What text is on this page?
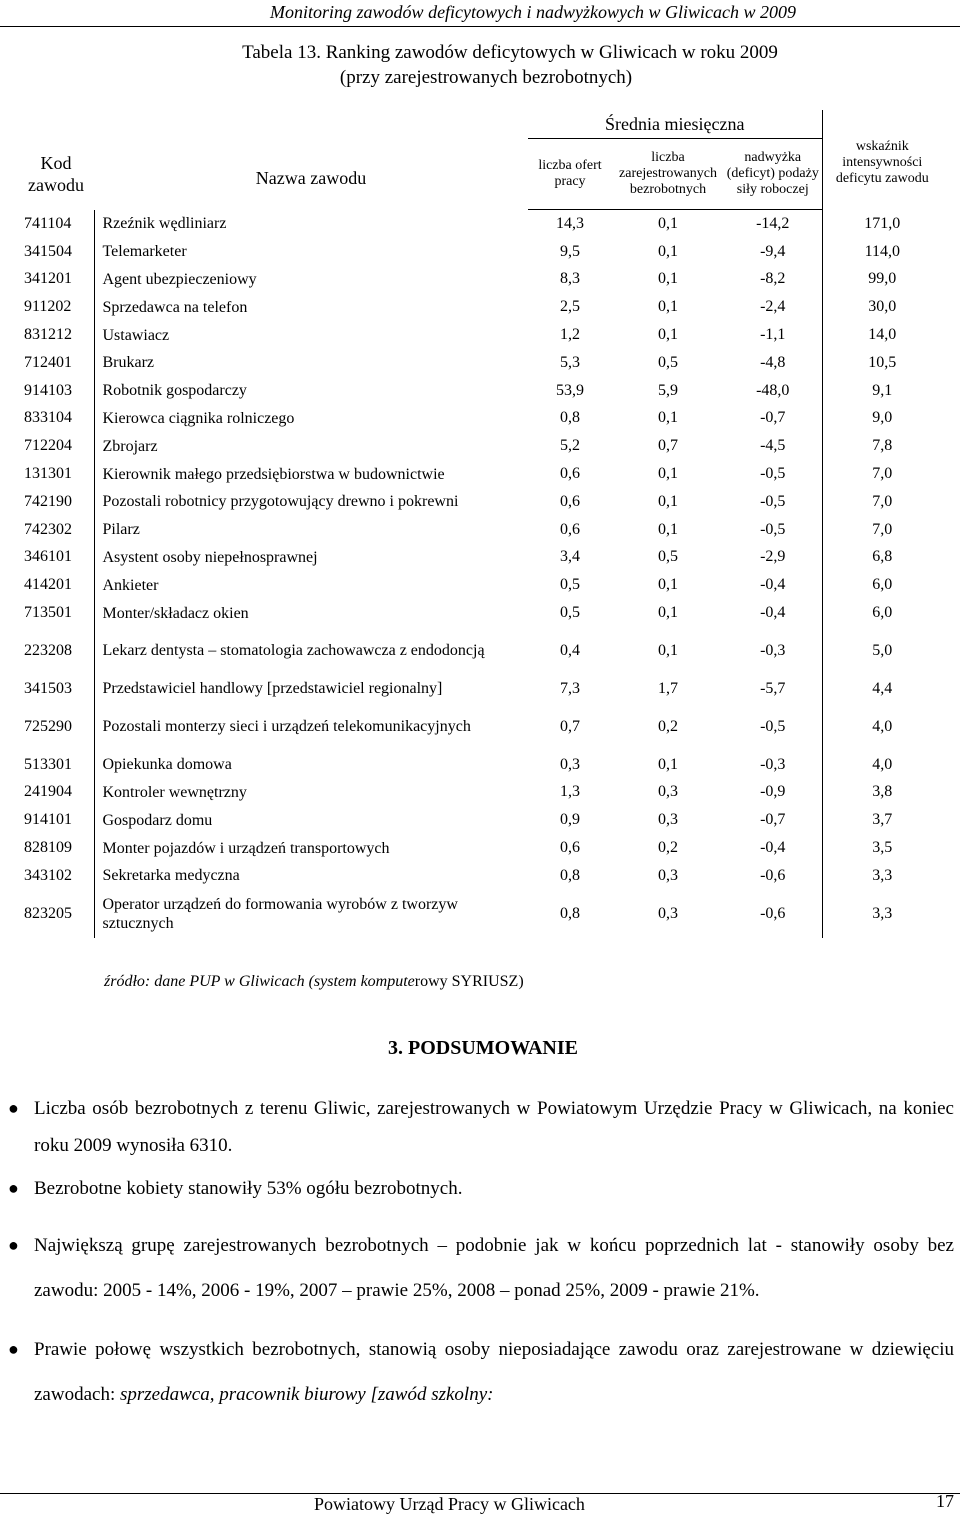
Monitoring zawodów deficytowych i nadwyżkowych w Gliwicach w 2009
Tabela 13. Ranking zawodów deficytowych w Gliwicach w roku 2009
(przy zarejestrowanych bezrobotnych)
Kod zawodu	Nazwa zawodu	Średnia miesięczna			wskaźnik intensywności deficytu zawodu
		liczba ofert pracy	liczba zarejestrowanych bezrobotnych	nadwyżka (deficyt) podaży siły roboczej	
741104	Rzeźnik wędliniarz	14,3	0,1	-14,2	171,0
341504	Telemarketer	9,5	0,1	-9,4	114,0
341201	Agent ubezpieczeniowy	8,3	0,1	-8,2	99,0
911202	Sprzedawca na telefon	2,5	0,1	-2,4	30,0
831212	Ustawiacz	1,2	0,1	-1,1	14,0
712401	Brukarz	5,3	0,5	-4,8	10,5
914103	Robotnik gospodarczy	53,9	5,9	-48,0	9,1
833104	Kierowca ciągnika rolniczego	0,8	0,1	-0,7	9,0
712204	Zbrojarz	5,2	0,7	-4,5	7,8
131301	Kierownik małego przedsiębiorstwa w budownictwie	0,6	0,1	-0,5	7,0
742190	Pozostali robotnicy przygotowujący drewno i pokrewni	0,6	0,1	-0,5	7,0
742302	Pilarz	0,6	0,1	-0,5	7,0
346101	Asystent osoby niepełnosprawnej	3,4	0,5	-2,9	6,8
414201	Ankieter	0,5	0,1	-0,4	6,0
713501	Monter/składacz okien	0,5	0,1	-0,4	6,0
223208	Lekarz dentysta – stomatologia zachowawcza z endodoncją	0,4	0,1	-0,3	5,0
341503	Przedstawiciel handlowy [przedstawiciel regionalny]	7,3	1,7	-5,7	4,4
725290	Pozostali monterzy sieci i urządzeń telekomunikacyjnych	0,7	0,2	-0,5	4,0
513301	Opiekunka domowa	0,3	0,1	-0,3	4,0
241904	Kontroler wewnętrzny	1,3	0,3	-0,9	3,8
914101	Gospodarz domu	0,9	0,3	-0,7	3,7
828109	Monter pojazdów i urządzeń transportowych	0,6	0,2	-0,4	3,5
343102	Sekretarka medyczna	0,8	0,3	-0,6	3,3
823205	Operator urządzeń do formowania wyrobów z tworzyw sztucznych	0,8	0,3	-0,6	3,3
źródło: dane PUP w Gliwicach (system komputerowy SYRIUSZ)
3. PODSUMOWANIE
● Liczba osób bezrobotnych z terenu Gliwic, zarejestrowanych w Powiatowym Urzędzie Pracy w Gliwicach, na koniec roku 2009 wynosiła 6310.
● Bezrobotne kobiety stanowiły 53% ogółu bezrobotnych.
● Największą grupę zarejestrowanych bezrobotnych – podobnie jak w końcu poprzednich lat - stanowiły osoby bez zawodu: 2005 - 14%, 2006 - 19%, 2007 – prawie 25%, 2008 – ponad 25%, 2009 - prawie 21%.
● Prawie połowę wszystkich bezrobotnych, stanowią osoby nieposiadające zawodu oraz zarejestrowane w dziewięciu zawodach: sprzedawca, pracownik biurowy [zawód szkolny:
Powiatowy Urząd Pracy w Gliwicach	17
